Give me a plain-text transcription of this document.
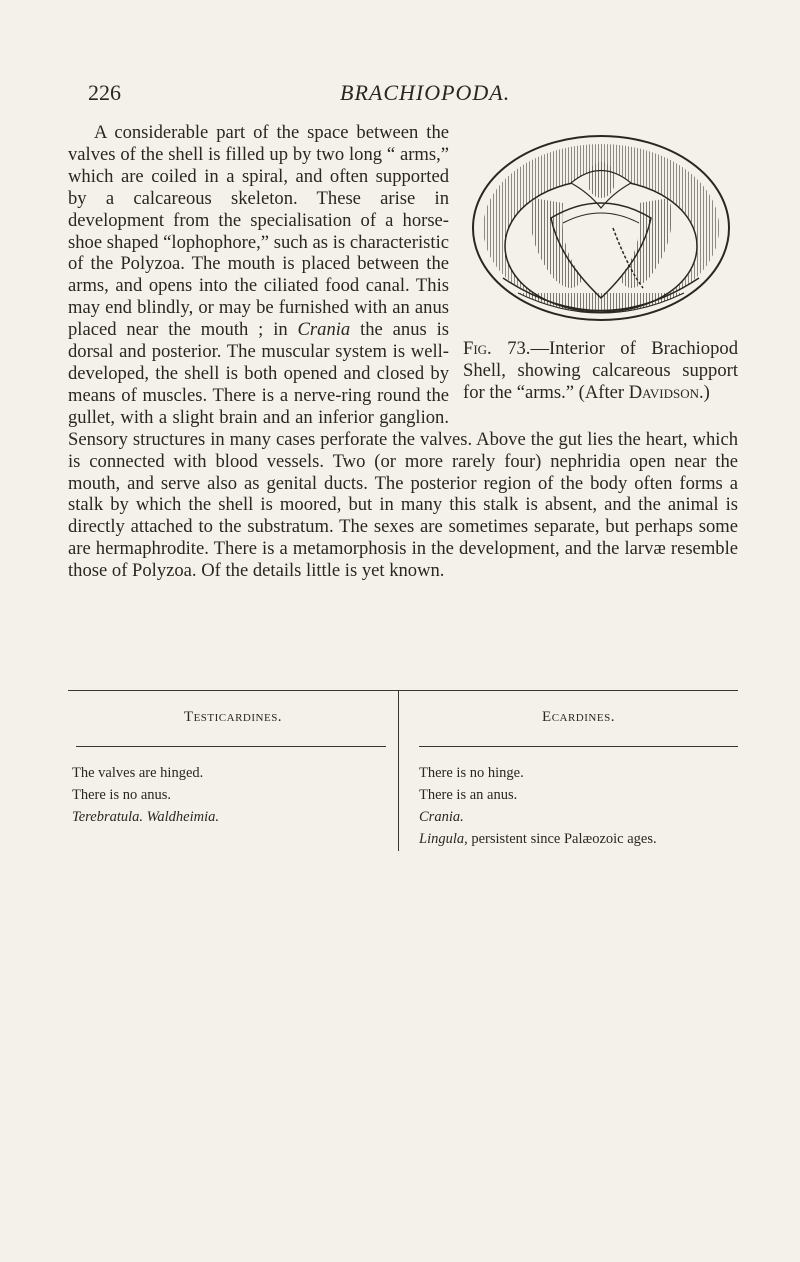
226	BRACHIOPODA.
Fig. 73.—Interior of Brachiopod Shell, showing calcareous support for the “arms.” (After Davidson.)

A considerable part of the space between the valves of the shell is filled up by two long “ arms,” which are coiled in a spiral, and often supported by a calcareous skeleton. These arise in development from the specialisation of a horse-shoe shaped “lophophore,” such as is characteristic of the Polyzoa. The mouth is placed between the arms, and opens into the ciliated food canal. This may end blindly, or may be furnished with an anus placed near the mouth ; in Crania the anus is dorsal and posterior. The muscular system is well-developed, the shell is both opened and closed by means of muscles. There is a nerve-ring round the gullet, with a slight brain and an inferior ganglion. Sensory structures in many cases perforate the valves. Above the gut lies the heart, which is connected with blood vessels. Two (or more rarely four) nephridia open near the mouth, and serve also as genital ducts. The posterior region of the body often forms a stalk by which the shell is moored, but in many this stalk is absent, and the animal is directly attached to the substratum. The sexes are sometimes separate, but perhaps some are hermaphrodite. There is a metamorphosis in the development, and the larvæ resemble those of Polyzoa. Of the details little is yet known.

Testicardines.
The valves are hinged.
There is no anus.
Terebratula. Waldheimia.
Ecardines.
There is no hinge.
There is an anus.
Crania.
Lingula, persistent since Palæozoic ages.
